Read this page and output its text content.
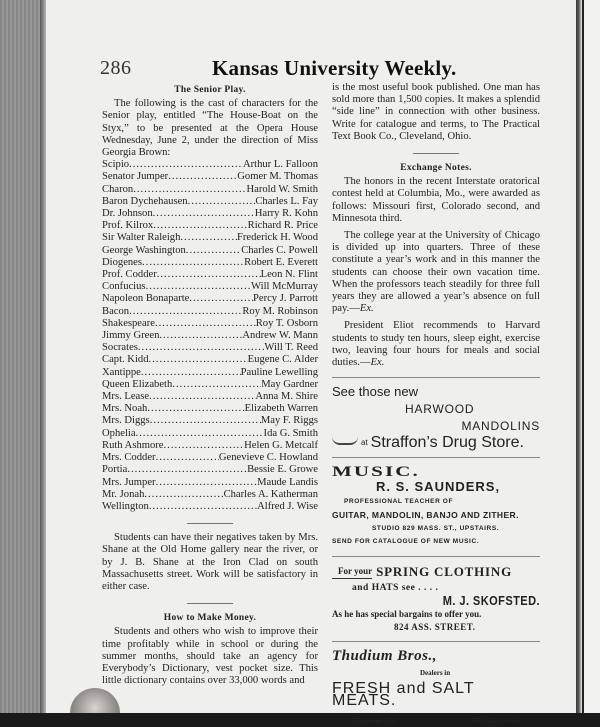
286	Kansas University Weekly.
The Senior Play.

The following is the cast of characters for the Senior play, entitled “The House-Boat on the Styx,” to be presented at the Opera House Wednesday, June 2, under the direction of Miss Georgia Brown:

Scipio .....	Arthur L. Falloon
Senator Jumper .....	Gomer M. Thomas
Charon .....	Harold W. Smith
Baron Dychehausen .....	Charles L. Fay
Dr. Johnson .....	Harry R. Kohn
Prof. Kilrox .....	Richard R. Price
Sir Walter Raleigh .....	Frederick H. Wood
George Washington .....	Charles C. Powell
Diogenes .....	Robert E. Everett
Prof. Codder .....	Leon N. Flint
Confucius .....	Will McMurray
Napoleon Bonaparte .....	Percy J. Parrott
Bacon .....	Roy M. Robinson
Shakespeare .....	Roy T. Osborn
Jimmy Green .....	Andrew W. Mann
Socrates .....	Will T. Reed
Capt. Kidd .....	Eugene C. Alder
Xantippe .....	Pauline Lewelling
Queen Elizabeth .....	May Gardner
Mrs. Lease .....	Anna M. Shire
Mrs. Noah .....	Elizabeth Warren
Mrs. Diggs .....	May F. Riggs
Ophelia .....	Ida G. Smith
Ruth Ashmore .....	Helen G. Metcalf
Mrs. Codder .....	Genevieve C. Howland
Portia .....	Bessie E. Growe
Mrs. Jumper .....	Maude Landis
Mr. Jonah .....	Charles A. Katherman
Wellington .....	Alfred J. Wise

Students can have their negatives taken by Mrs. Shane at the Old Home gallery near the river, or by J. B. Shane at the Iron Clad on south Massachusetts street. Work will be satisfactory in either case.

How to Make Money.

Students and others who wish to improve their time profitably while in school or during the summer months, should take an agency for Everybody’s Dictionary, vest pocket size. This little dictionary contains over 33,000 words and

is the most useful book published. One man has sold more than 1,500 copies. It makes a splendid “side line” in connection with other business. Write for catalogue and terms, to The Practical Text Book Co., Cleveland, Ohio.

Exchange Notes.

The honors in the recent Interstate oratorical contest held at Columbia, Mo., were awarded as follows: Missouri first, Colorado second, and Minnesota third.

The college year at the University of Chicago is divided up into quarters. Three of these constitute a year’s work and in this manner the students can choose their own vacation time. When the professors teach steadily for three full years they are allowed a year’s absence on full pay.—Ex.

President Eliot recommends to Harvard students to study ten hours, sleep eight, exercise two, leaving four hours for meals and social duties.—Ex.

See those new
HARWOOD
MANDOLINS
at Straffon’s Drug Store.
MUSIC.
R. S. SAUNDERS,
PROFESSIONAL TEACHER OF
GUITAR, MANDOLIN, BANJO AND ZITHER.
STUDIO 829 MASS. ST., UPSTAIRS.
SEND FOR CATALOGUE OF NEW MUSIC.
For your SPRING CLOTHING
and HATS see . . . .
M. J. SKOFSTED.
As he has special bargains to offer you.
824 ASS. STREET.
Thudium Bros.,
Dealers in
FRESH and SALT MEATS.
Telephone 121.	802 Mass. Street.
